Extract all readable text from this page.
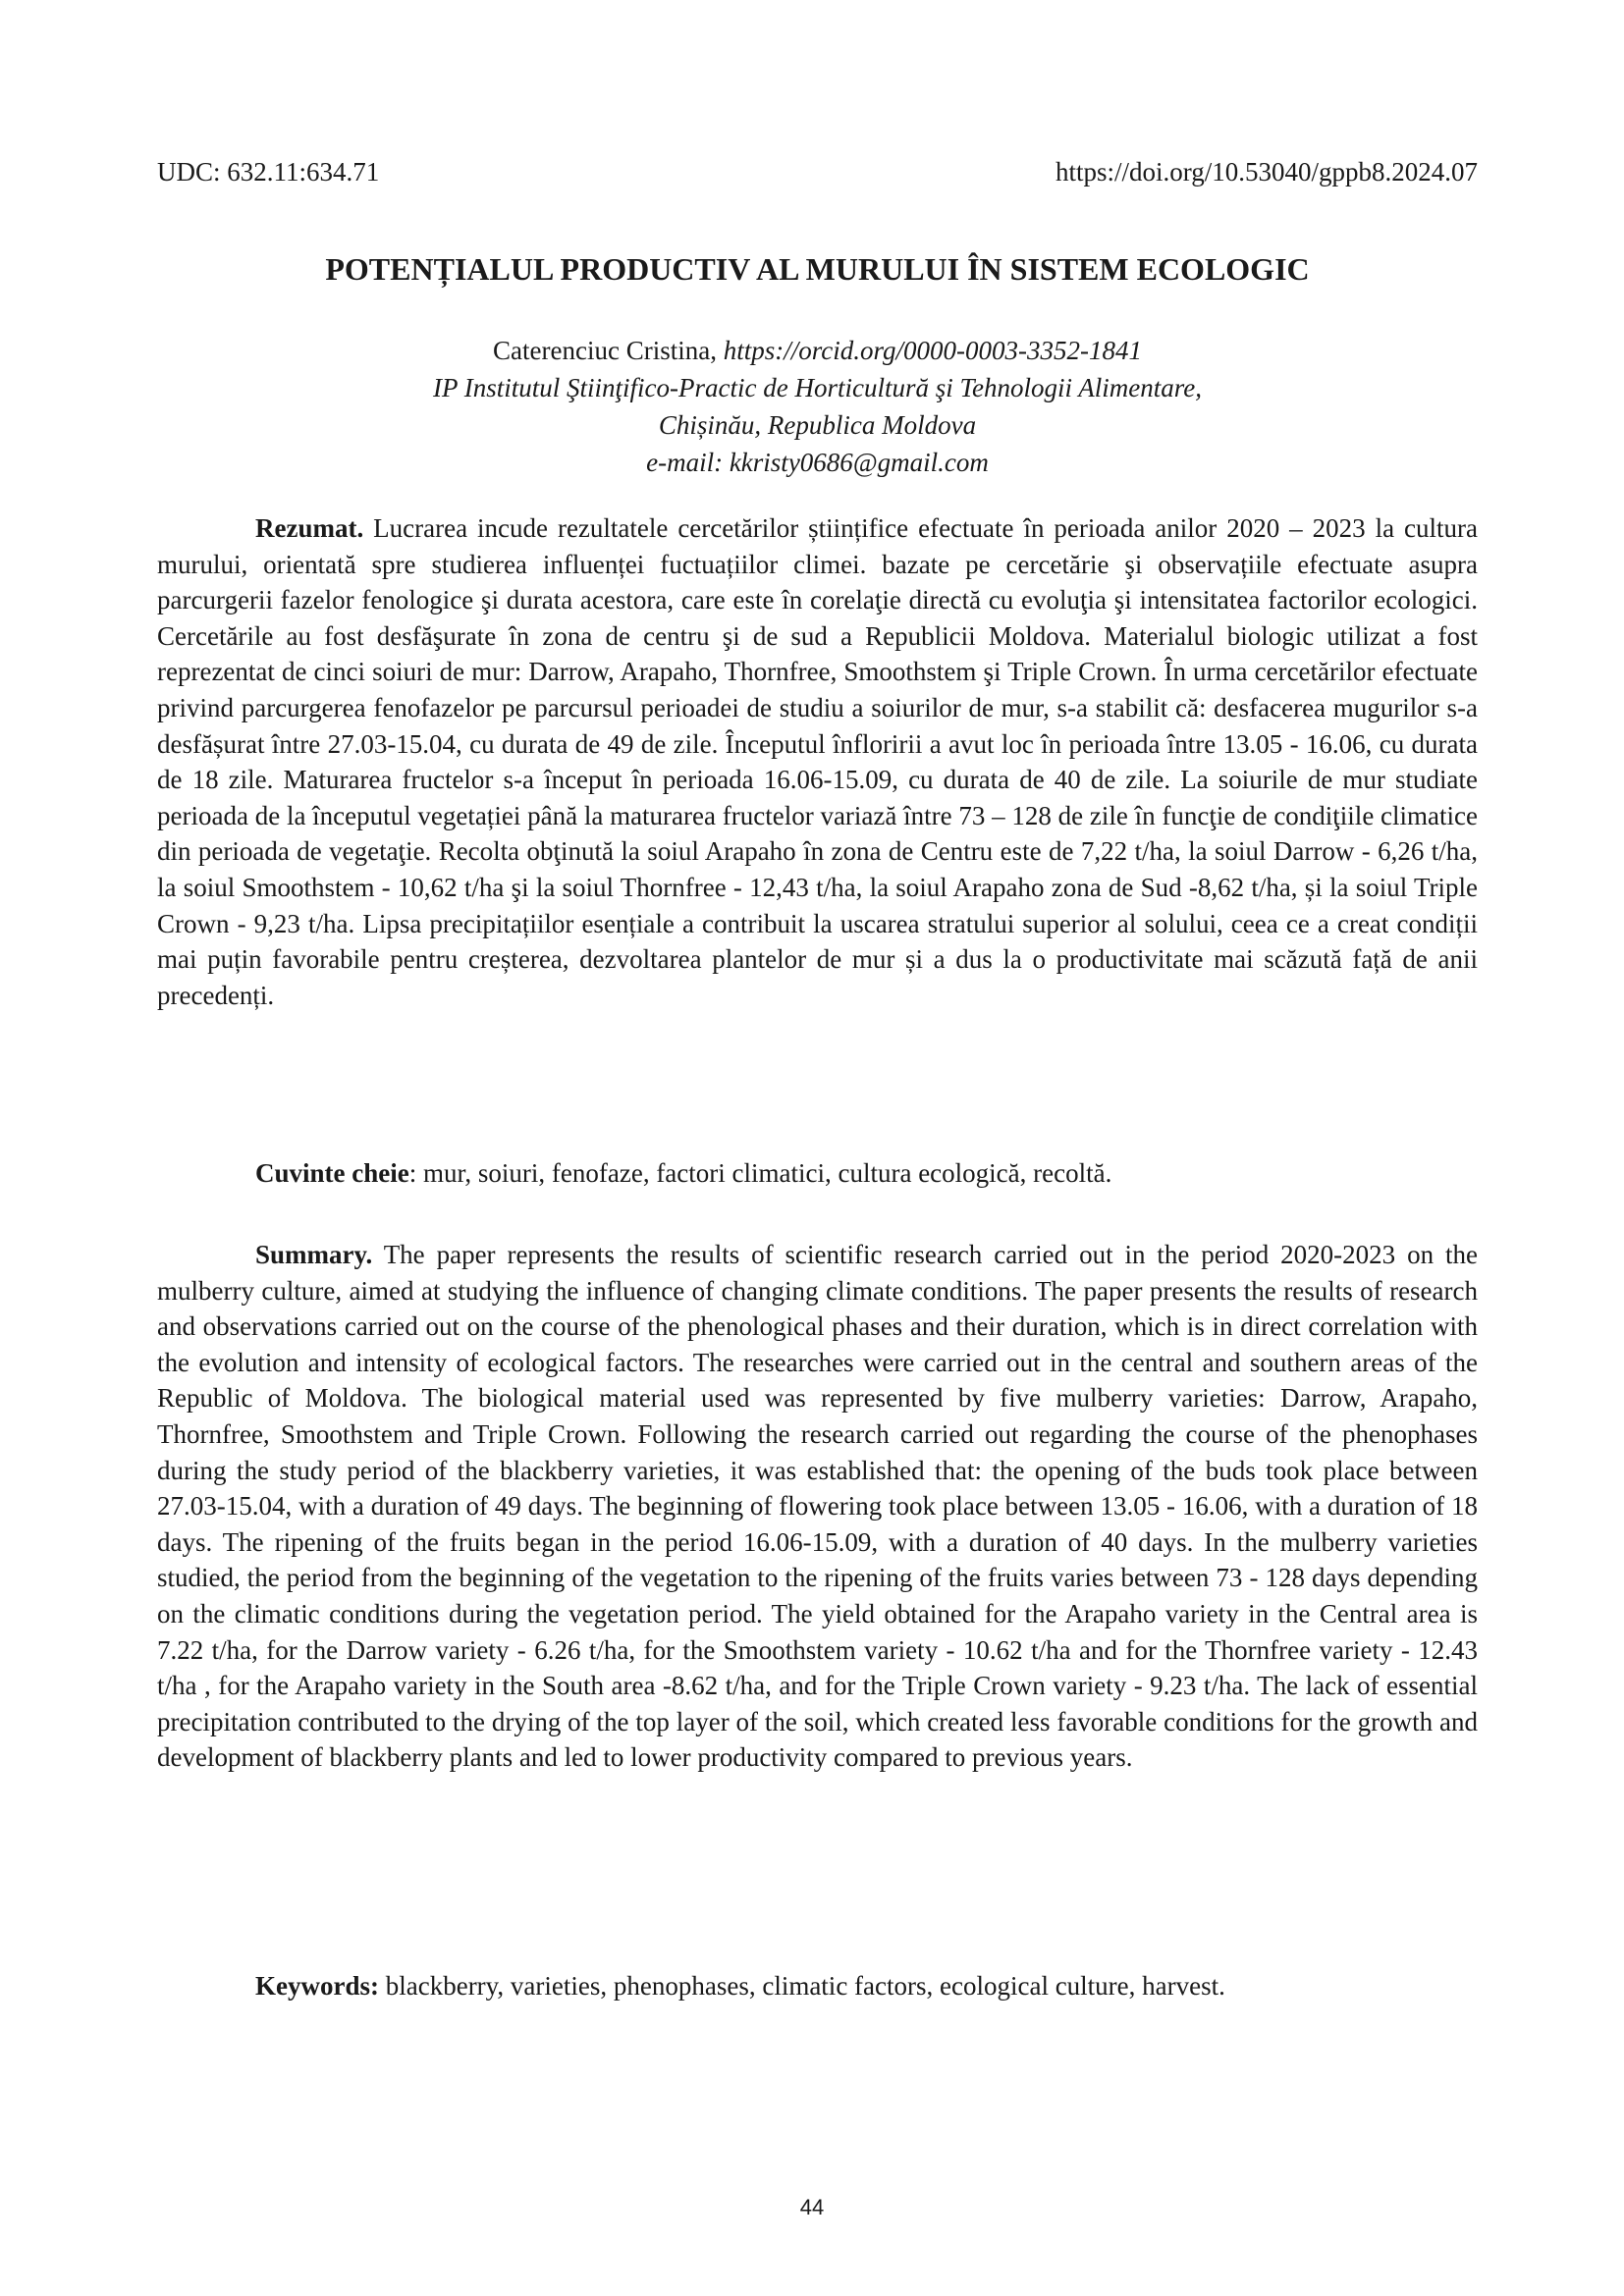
UDC: 632.11:634.71	https://doi.org/10.53040/gppb8.2024.07
POTENȚIALUL PRODUCTIV AL MURULUI ÎN SISTEM ECOLOGIC
Caterenciuc Cristina, https://orcid.org/0000-0003-3352-1841
IP Institutul Ştiinţifico-Practic de Horticultură şi Tehnologii Alimentare,
Chișinău, Republica Moldova
e-mail: kkristy0686@gmail.com

Rezumat. Lucrarea incude rezultatele cercetărilor științifice efectuate în perioada anilor 2020 – 2023 la cultura murului, orientată spre studierea influenței fuctuațiilor climei. bazate pe cercetărie şi observațiile efectuate asupra parcurgerii fazelor fenologice şi durata acestora, care este în corelaţie directă cu evoluţia şi intensitatea factorilor ecologici. Cercetările au fost desfăşurate în zona de centru şi de sud a Republicii Moldova. Materialul biologic utilizat a fost reprezentat de cinci soiuri de mur: Darrow, Arapaho, Thornfree, Smoothstem şi Triple Crown. În urma cercetărilor efectuate privind parcurgerea fenofazelor pe parcursul perioadei de studiu a soiurilor de mur, s-a stabilit că: desfacerea mugurilor s-a desfășurat între 27.03-15.04, cu durata de 49 de zile. Începutul înfloririi a avut loc în perioada între 13.05 - 16.06, cu durata de 18 zile. Maturarea fructelor s-a început în perioada 16.06-15.09, cu durata de 40 de zile. La soiurile de mur studiate perioada de la începutul vegetației până la maturarea fructelor variază între 73 – 128 de zile în funcţie de condiţiile climatice din perioada de vegetaţie. Recolta obţinută la soiul Arapaho în zona de Centru este de 7,22 t/ha, la soiul Darrow - 6,26 t/ha, la soiul Smoothstem - 10,62 t/ha şi la soiul Thornfree - 12,43 t/ha, la soiul Arapaho zona de Sud -8,62 t/ha, și la soiul Triple Crown - 9,23 t/ha. Lipsa precipitațiilor esențiale a contribuit la uscarea stratului superior al solului, ceea ce a creat condiții mai puțin favorabile pentru creșterea, dezvoltarea plantelor de mur și a dus la o productivitate mai scăzută față de anii precedenți.

Cuvinte cheie: mur, soiuri, fenofaze, factori climatici, cultura ecologică, recoltă.

Summary. The paper represents the results of scientific research carried out in the period 2020-2023 on the mulberry culture, aimed at studying the influence of changing climate conditions. The paper presents the results of research and observations carried out on the course of the phenological phases and their duration, which is in direct correlation with the evolution and intensity of ecological factors. The researches were carried out in the central and southern areas of the Republic of Moldova. The biological material used was represented by five mulberry varieties: Darrow, Arapaho, Thornfree, Smoothstem and Triple Crown. Following the research carried out regarding the course of the phenophases during the study period of the blackberry varieties, it was established that: the opening of the buds took place between 27.03-15.04, with a duration of 49 days. The beginning of flowering took place between 13.05 - 16.06, with a duration of 18 days. The ripening of the fruits began in the period 16.06-15.09, with a duration of 40 days. In the mulberry varieties studied, the period from the beginning of the vegetation to the ripening of the fruits varies between 73 - 128 days depending on the climatic conditions during the vegetation period. The yield obtained for the Arapaho variety in the Central area is 7.22 t/ha, for the Darrow variety - 6.26 t/ha, for the Smoothstem variety - 10.62 t/ha and for the Thornfree variety - 12.43 t/ha , for the Arapaho variety in the South area -8.62 t/ha, and for the Triple Crown variety - 9.23 t/ha. The lack of essential precipitation contributed to the drying of the top layer of the soil, which created less favorable conditions for the growth and development of blackberry plants and led to lower productivity compared to previous years.

Keywords: blackberry, varieties, phenophases, climatic factors, ecological culture, harvest.
44
